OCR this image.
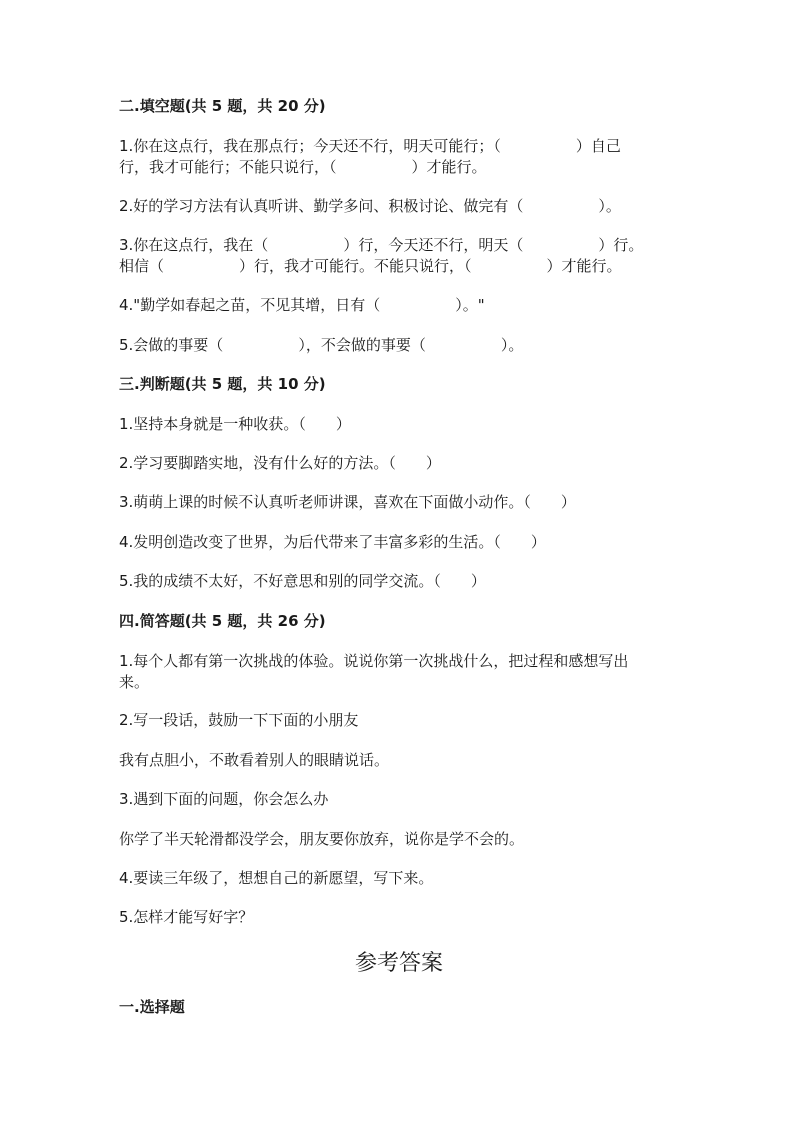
二.填空题(共 5 题，共 20 分)
1.你在这点行，我在那点行；今天还不行，明天可能行；（　　　　　）自己
行，我才可能行；不能只说行，（　　　　　）才能行。
2.好的学习方法有认真听讲、勤学多问、积极讨论、做完有（　　　　　）。
3.你在这点行，我在（　　　　　）行，今天还不行，明天（　　　　　）行。
相信（　　　　　）行，我才可能行。不能只说行，（　　　　　）才能行。
4."勤学如春起之苗，不见其增，日有（　　　　　）。"
5.会做的事要（　　　　　），不会做的事要（　　　　　）。
三.判断题(共 5 题，共 10 分)
1.坚持本身就是一种收获。（　　）
2.学习要脚踏实地，没有什么好的方法。（　　）
3.萌萌上课的时候不认真听老师讲课，喜欢在下面做小动作。（　　）
4.发明创造改变了世界，为后代带来了丰富多彩的生活。（　　）
5.我的成绩不太好，不好意思和别的同学交流。（　　）
四.简答题(共 5 题，共 26 分)
1.每个人都有第一次挑战的体验。说说你第一次挑战什么，把过程和感想写出
来。
2.写一段话，鼓励一下下面的小朋友
我有点胆小，不敢看着别人的眼睛说话。
3.遇到下面的问题，你会怎么办
你学了半天轮滑都没学会，朋友要你放弃，说你是学不会的。
4.要读三年级了，想想自己的新愿望，写下来。
5.怎样才能写好字？
参考答案
一.选择题
